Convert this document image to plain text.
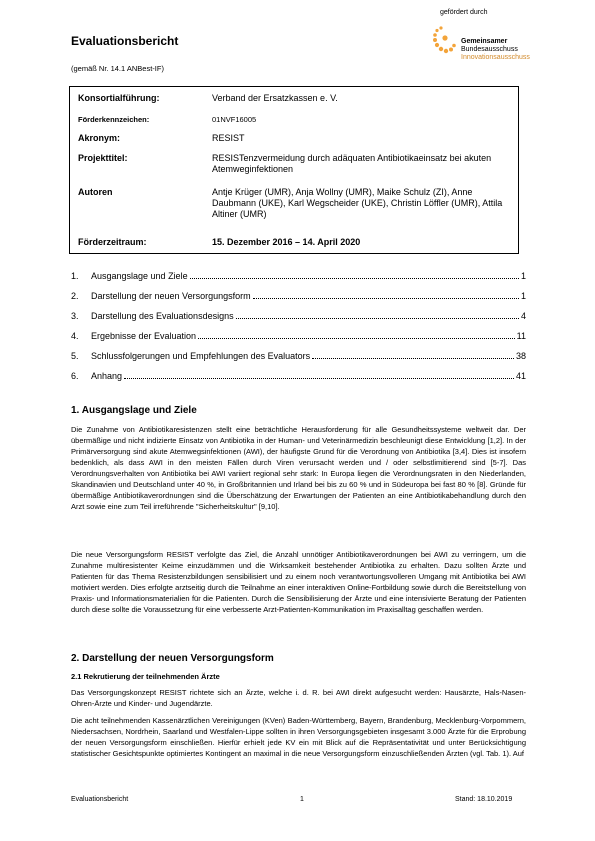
gefördert durch
Gemeinsamer
Bundesausschuss
Innovationsausschuss
Evaluationsbericht
(gemäß Nr. 14.1 ANBest-IF)
Konsortialführung:	Verband der Ersatzkassen e. V.
Förderkennzeichen:	01NVF16005
Akronym:	RESIST
Projekttitel:	RESISTenzvermeidung durch adäquaten Antibiotikaeinsatz bei akuten Atemweginfektionen
Autoren	Antje Krüger (UMR), Anja Wollny (UMR), Maike Schulz (ZI), Anne Daubmann (UKE), Karl Wegscheider (UKE), Christin Löffler (UMR), Attila Altiner (UMR)
Förderzeitraum:	15. Dezember 2016 – 14. April 2020
1.	Ausgangslage und Ziele	1
2.	Darstellung der neuen Versorgungsform	1
3.	Darstellung des Evaluationsdesigns	4
4.	Ergebnisse der Evaluation	11
5.	Schlussfolgerungen und Empfehlungen des Evaluators	38
6.	Anhang	41
1. Ausgangslage und Ziele
Die Zunahme von Antibiotikaresistenzen stellt eine beträchtliche Herausforderung für alle Gesundheitssysteme weltweit dar. Der übermäßige und nicht indizierte Einsatz von Antibiotika in der Human- und Veterinärmedizin beschleunigt diese Entwicklung [1,2]. In der Primärversorgung sind akute Atemwegsinfektionen (AWI), der häufigste Grund für die Verordnung von Antibiotika [3,4]. Dies ist insofern bedenklich, als dass AWI in den meisten Fällen durch Viren verursacht werden und / oder selbstlimitierend sind [5-7]. Das Verordnungsverhalten von Antibiotika bei AWI variiert regional sehr stark: In Europa liegen die Verordnungsraten in den Niederlanden, Skandinavien und Deutschland unter 40 %, in Großbritannien und Irland bei bis zu 60 % und in Südeuropa bei fast 80 % [8]. Gründe für übermäßige Antibiotikaverordnungen sind die Überschätzung der Erwartungen der Patienten an eine Antibiotikabehandlung durch den Arzt sowie eine zum Teil irreführende "Sicherheitskultur" [9,10].
Die neue Versorgungsform RESIST verfolgte das Ziel, die Anzahl unnötiger Antibiotikaverordnungen bei AWI zu verringern, um die Zunahme multiresistenter Keime einzudämmen und die Wirksamkeit bestehender Antibiotika zu erhalten. Dazu sollten Ärzte und Patienten für das Thema Resistenzbildungen sensibilisiert und zu einem noch verantwortungsvolleren Umgang mit Antibiotika bei AWI motiviert werden. Dies erfolgte arztseitig durch die Teilnahme an einer interaktiven Online-Fortbildung sowie durch die Bereitstellung von Praxis- und Informationsmaterialien für die Patienten. Durch die Sensibilisierung der Ärzte und eine intensivierte Beratung der Patienten durch diese sollte die Voraussetzung für eine verbesserte Arzt-Patienten-Kommunikation im Praxisalltag geschaffen werden.
2. Darstellung der neuen Versorgungsform
2.1 Rekrutierung der teilnehmenden Ärzte
Das Versorgungskonzept RESIST richtete sich an Ärzte, welche i. d. R. bei AWI direkt aufgesucht werden: Hausärzte, Hals-Nasen-Ohren-Ärzte und Kinder- und Jugendärzte.
Die acht teilnehmenden Kassenärztlichen Vereinigungen (KVen) Baden-Württemberg, Bayern, Brandenburg, Mecklenburg-Vorpommern, Niedersachsen, Nordrhein, Saarland und Westfalen-Lippe sollten in ihren Versorgungsgebieten insgesamt 3.000 Ärzte für die Erprobung der neuen Versorgungsform einschließen. Hierfür erhielt jede KV ein mit Blick auf die Repräsentativität und unter Berücksichtigung statistischer Gesichtspunkte optimiertes Kontingent an maximal in die neue Versorgungsform einzuschließenden Ärzten (vgl. Tab. 1). Auf
Evaluationsbericht	1	Stand: 18.10.2019
